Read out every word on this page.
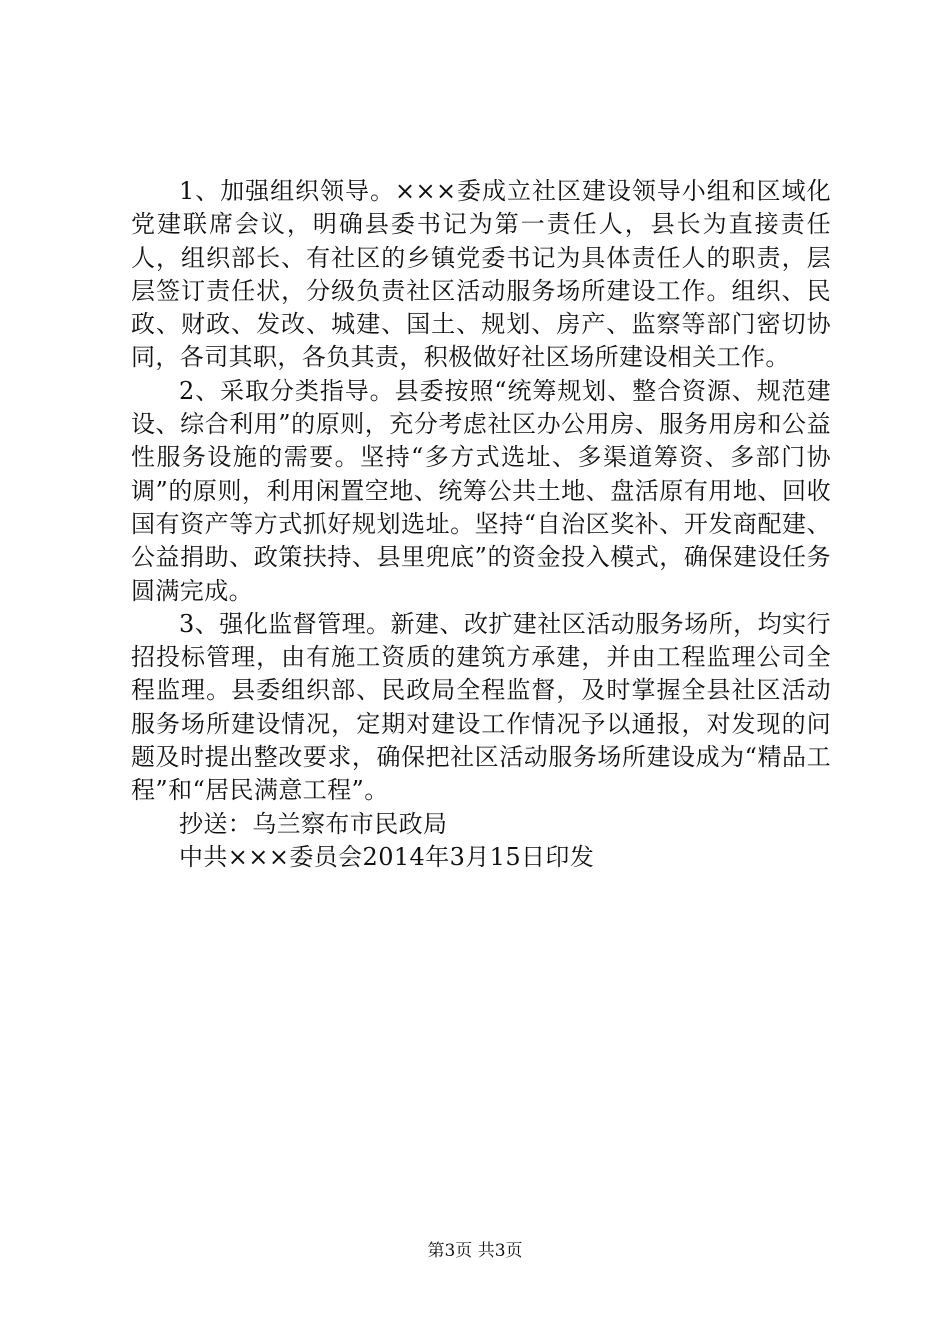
1、加强组织领导。×××委成立社区建设领导小组和区域化党建联席会议，明确县委书记为第一责任人，县长为直接责任人，组织部长、有社区的乡镇党委书记为具体责任人的职责，层层签订责任状，分级负责社区活动服务场所建设工作。组织、民政、财政、发改、城建、国土、规划、房产、监察等部门密切协同，各司其职，各负其责，积极做好社区场所建设相关工作。

2、采取分类指导。县委按照“统筹规划、整合资源、规范建设、综合利用”的原则，充分考虑社区办公用房、服务用房和公益性服务设施的需要。坚持“多方式选址、多渠道筹资、多部门协调”的原则，利用闲置空地、统筹公共土地、盘活原有用地、回收国有资产等方式抓好规划选址。坚持“自治区奖补、开发商配建、公益捐助、政策扶持、县里兜底”的资金投入模式，确保建设任务圆满完成。

3、强化监督管理。新建、改扩建社区活动服务场所，均实行招投标管理，由有施工资质的建筑方承建，并由工程监理公司全程监理。县委组织部、民政局全程监督，及时掌握全县社区活动服务场所建设情况，定期对建设工作情况予以通报，对发现的问题及时提出整改要求，确保把社区活动服务场所建设成为“精品工程”和“居民满意工程”。

抄送：乌兰察布市民政局

中共×××委员会2014年3月15日印发

第3页 共3页
